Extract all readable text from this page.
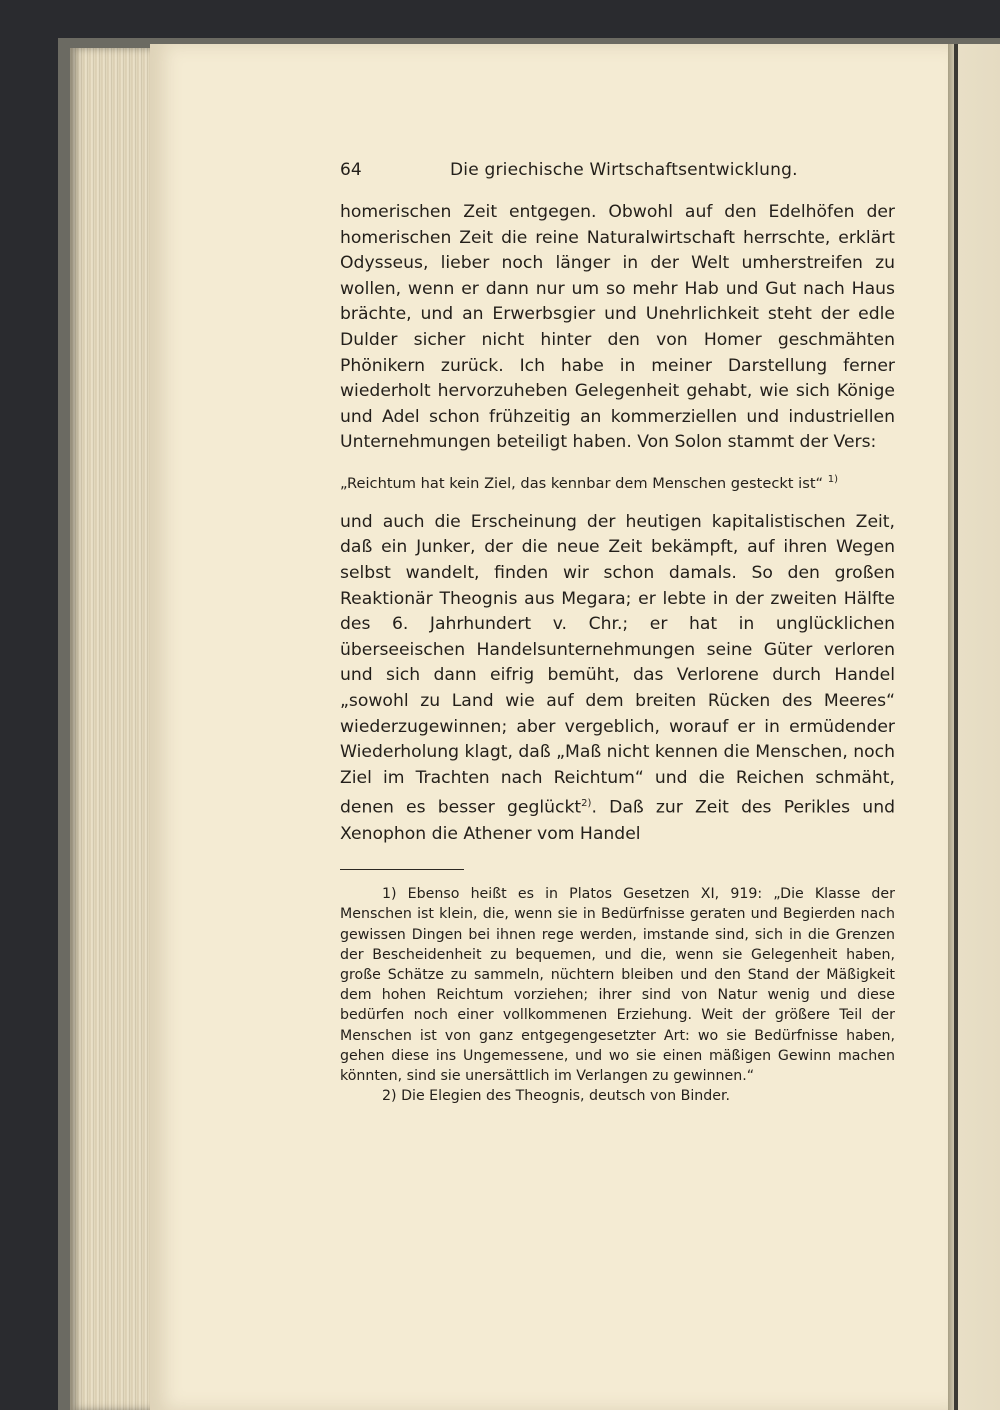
64	Die griechische Wirtschaftsentwicklung.

homerischen Zeit entgegen. Obwohl auf den Edelhöfen der homerischen Zeit die reine Naturalwirtschaft herrschte, erklärt Odysseus, lieber noch länger in der Welt umherstreifen zu wollen, wenn er dann nur um so mehr Hab und Gut nach Haus brächte, und an Erwerbsgier und Unehrlichkeit steht der edle Dulder sicher nicht hinter den von Homer geschmähten Phönikern zurück. Ich habe in meiner Darstellung ferner wiederholt hervorzuheben Gelegenheit gehabt, wie sich Könige und Adel schon frühzeitig an kommerziellen und industriellen Unternehmungen beteiligt haben. Von Solon stammt der Vers:

„Reichtum hat kein Ziel, das kennbar dem Menschen gesteckt ist“ $^{1)}$

und auch die Erscheinung der heutigen kapitalistischen Zeit, daß ein Junker, der die neue Zeit bekämpft, auf ihren Wegen selbst wandelt, finden wir schon damals. So den großen Reaktionär Theognis aus Megara; er lebte in der zweiten Hälfte des 6. Jahrhundert v. Chr.; er hat in unglücklichen überseeischen Handelsunternehmungen seine Güter verloren und sich dann eifrig bemüht, das Verlorene durch Handel „sowohl zu Land wie auf dem breiten Rücken des Meeres“ wiederzugewinnen; aber vergeblich, worauf er in ermüdender Wiederholung klagt, daß „Maß nicht kennen die Menschen, noch Ziel im Trachten nach Reichtum“ und die Reichen schmäht, denen es besser geglückt$^{2)}$. Daß zur Zeit des Perikles und Xenophon die Athener vom Handel

1) Ebenso heißt es in Platos Gesetzen XI, 919: „Die Klasse der Menschen ist klein, die, wenn sie in Bedürfnisse geraten und Begierden nach gewissen Dingen bei ihnen rege werden, imstande sind, sich in die Grenzen der Bescheidenheit zu bequemen, und die, wenn sie Gelegenheit haben, große Schätze zu sammeln, nüchtern bleiben und den Stand der Mäßigkeit dem hohen Reichtum vorziehen; ihrer sind von Natur wenig und diese bedürfen noch einer vollkommenen Erziehung. Weit der größere Teil der Menschen ist von ganz entgegengesetzter Art: wo sie Bedürfnisse haben, gehen diese ins Ungemessene, und wo sie einen mäßigen Gewinn machen könnten, sind sie unersättlich im Verlangen zu gewinnen.“

2) Die Elegien des Theognis, deutsch von Binder.
